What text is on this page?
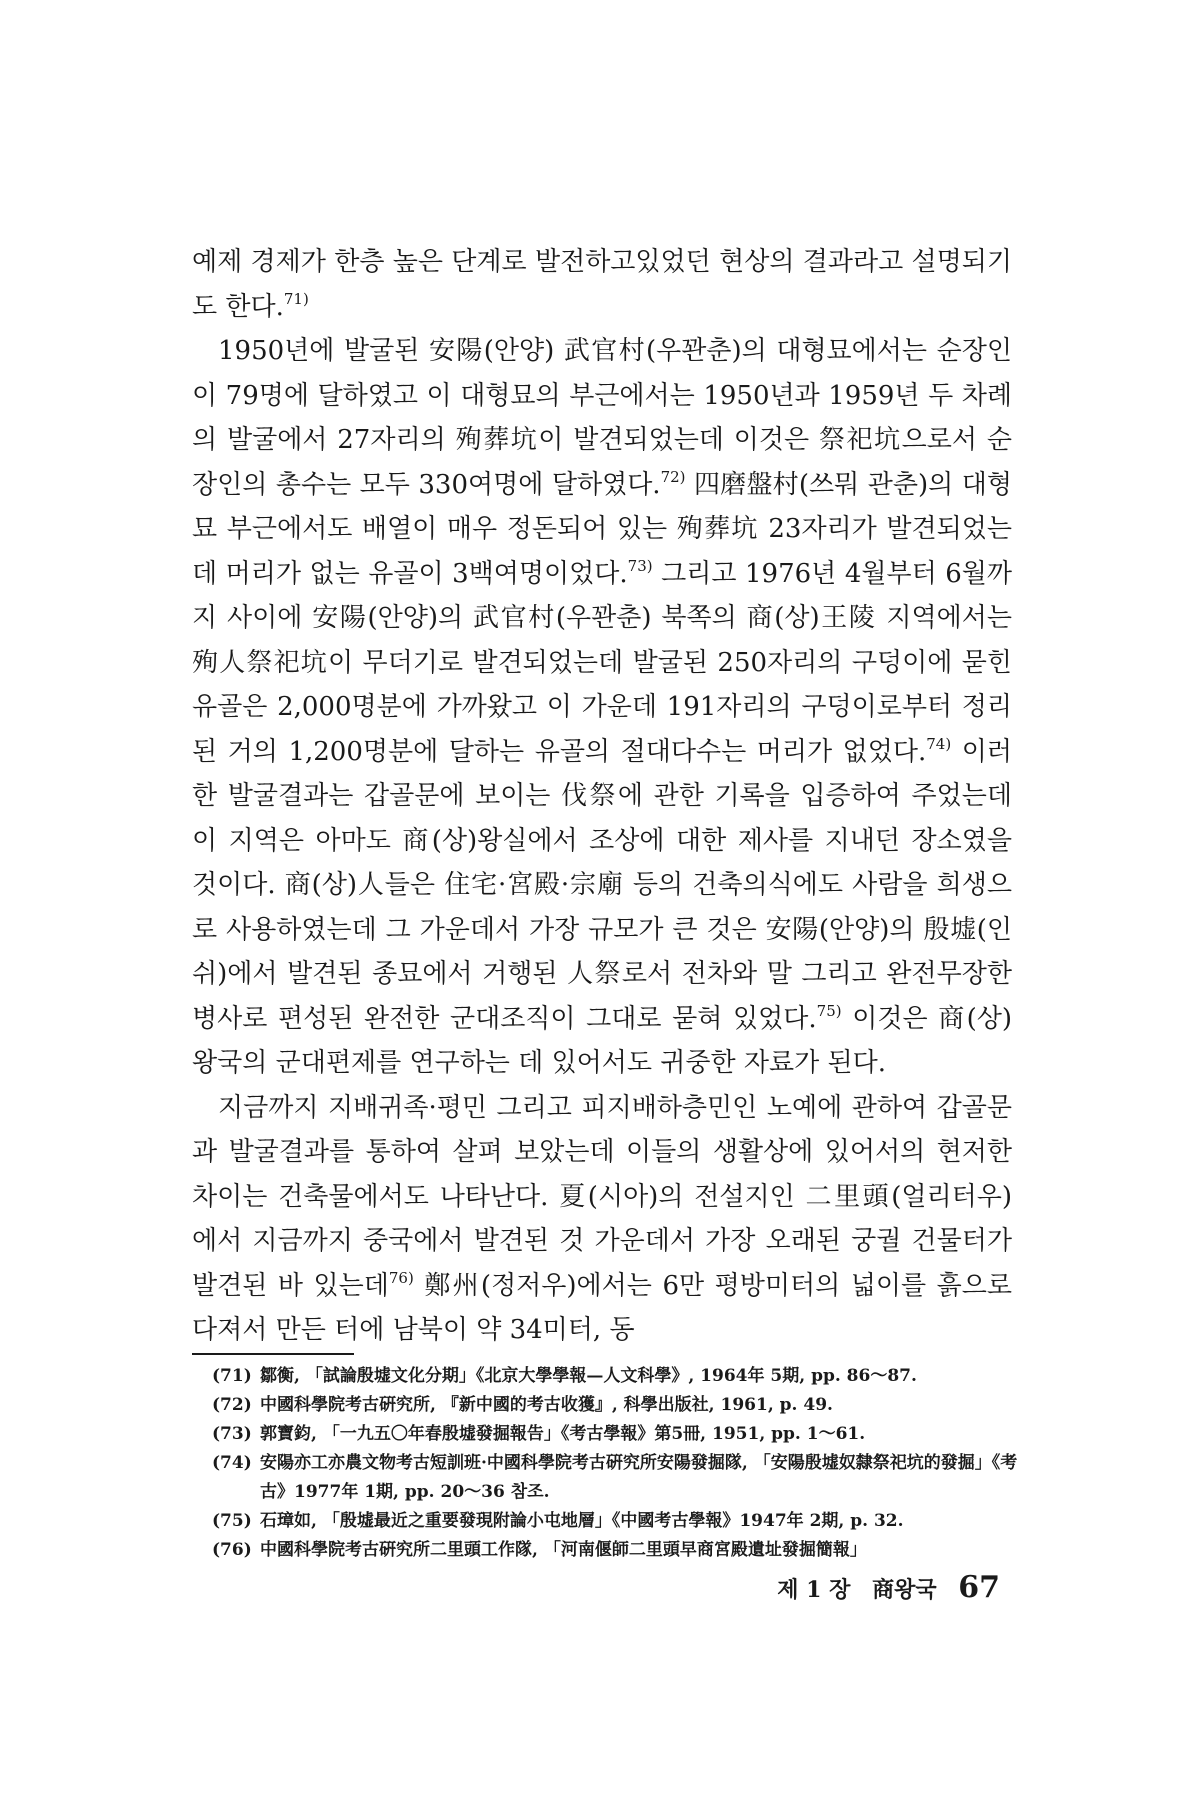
예제 경제가 한층 높은 단계로 발전하고있었던 현상의 결과라고 설명되기도 한다.$^{71)}$

1950년에 발굴된 安陽(안양) 武官村(우꽌춘)의 대형묘에서는 순장인이 79명에 달하였고 이 대형묘의 부근에서는 1950년과 1959년 두 차례의 발굴에서 27자리의 殉葬坑이 발견되었는데 이것은 祭祀坑으로서 순장인의 총수는 모두 330여명에 달하였다.$^{72)}$ 四磨盤村(쓰뭐 관춘)의 대형묘 부근에서도 배열이 매우 정돈되어 있는 殉葬坑 23자리가 발견되었는데 머리가 없는 유골이 3백여명이었다.$^{73)}$ 그리고 1976년 4월부터 6월까지 사이에 安陽(안양)의 武官村(우꽌춘) 북쪽의 商(상)王陵 지역에서는 殉人祭祀坑이 무더기로 발견되었는데 발굴된 250자리의 구덩이에 묻힌 유골은 2,000명분에 가까왔고 이 가운데 191자리의 구덩이로부터 정리된 거의 1,200명분에 달하는 유골의 절대다수는 머리가 없었다.$^{74)}$ 이러한 발굴결과는 갑골문에 보이는 伐祭에 관한 기록을 입증하여 주었는데 이 지역은 아마도 商(상)왕실에서 조상에 대한 제사를 지내던 장소였을 것이다. 商(상)人들은 住宅·宮殿·宗廟 등의 건축의식에도 사람을 희생으로 사용하였는데 그 가운데서 가장 규모가 큰 것은 安陽(안양)의 殷墟(인쉬)에서 발견된 종묘에서 거행된 人祭로서 전차와 말 그리고 완전무장한 병사로 편성된 완전한 군대조직이 그대로 묻혀 있었다.$^{75)}$ 이것은 商(상)왕국의 군대편제를 연구하는 데 있어서도 귀중한 자료가 된다.

지금까지 지배귀족·평민 그리고 피지배하층민인 노예에 관하여 갑골문과 발굴결과를 통하여 살펴 보았는데 이들의 생활상에 있어서의 현저한 차이는 건축물에서도 나타난다. 夏(시아)의 전설지인 二里頭(얼리터우)에서 지금까지 중국에서 발견된 것 가운데서 가장 오래된 궁궐 건물터가 발견된 바 있는데$^{76)}$ 鄭州(정저우)에서는 6만 평방미터의 넓이를 흙으로 다져서 만든 터에 남북이 약 34미터, 동

(71) 鄒衡, 「試論殷墟文化分期」《北京大學學報—人文科學》, 1964年 5期, pp. 86～87.

(72) 中國科學院考古硏究所, 『新中國的考古收獲』, 科學出版社, 1961, p. 49.

(73) 郭寶鈞, 「一九五〇年春殷墟發掘報告」《考古學報》第5冊, 1951, pp. 1～61.

(74) 安陽亦工亦農文物考古短訓班·中國科學院考古硏究所安陽發掘隊, 「安陽殷墟奴隸祭祀坑的發掘」《考古》1977年 1期, pp. 20～36 참조.

(75) 石璋如, 「殷墟最近之重要發現附論小屯地層」《中國考古學報》1947年 2期, p. 32.

(76) 中國科學院考古硏究所二里頭工作隊, 「河南偃師二里頭早商宮殿遺址發掘簡報」

제 1 장 商왕국 67
